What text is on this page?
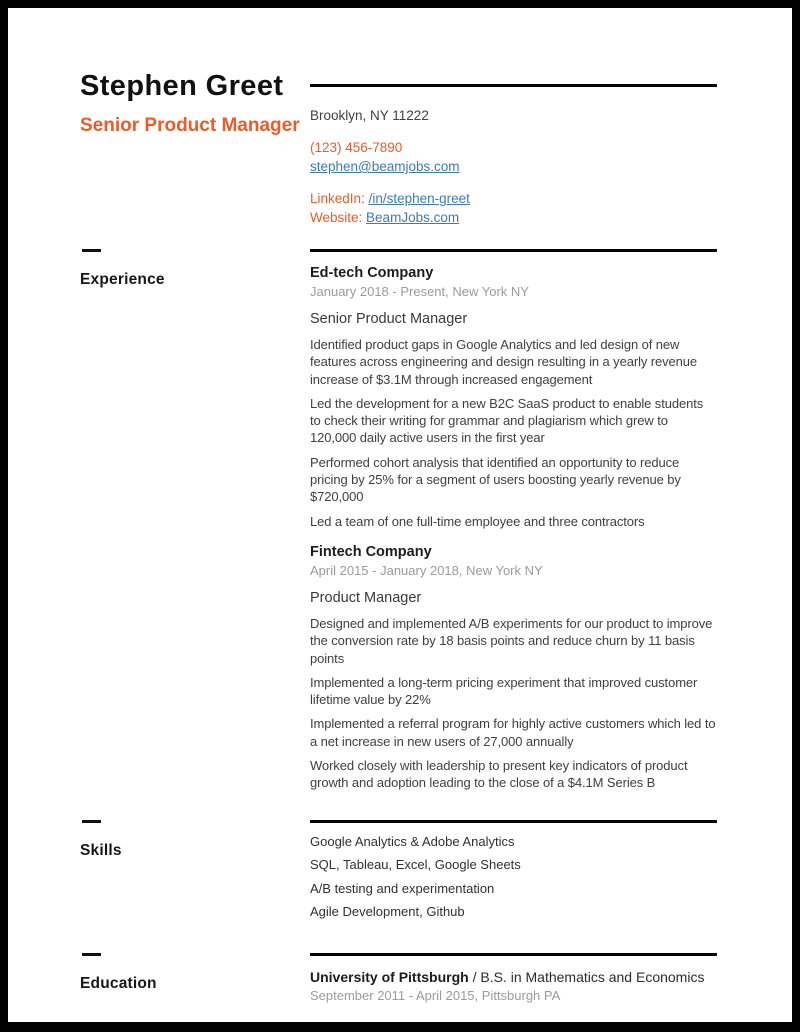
Stephen Greet
Senior Product Manager Brooklyn, NY 11222
(123) 456-7890
stephen@beamjobs.com
LinkedIn: /in/stephen-greet
Website: BeamJobs.com
Experience	Ed-tech Company
January 2018 - Present, New York NY
Senior Product Manager

Identified product gaps in Google Analytics and led design of new features across engineering and design resulting in a yearly revenue increase of $3.1M through increased engagement

Led the development for a new B2C SaaS product to enable students to check their writing for grammar and plagiarism which grew to 120,000 daily active users in the first year

Performed cohort analysis that identified an opportunity to reduce pricing by 25% for a segment of users boosting yearly revenue by $720,000

Led a team of one full-time employee and three contractors

Fintech Company
April 2015 - January 2018, New York NY
Product Manager

Designed and implemented A/B experiments for our product to improve the conversion rate by 18 basis points and reduce churn by 11 basis points

Implemented a long-term pricing experiment that improved customer lifetime value by 22%

Implemented a referral program for highly active customers which led to a net increase in new users of 27,000 annually

Worked closely with leadership to present key indicators of product growth and adoption leading to the close of a $4.1M Series B

Skills

Google Analytics & Adobe Analytics

SQL, Tableau, Excel, Google Sheets

A/B testing and experimentation

Agile Development, Github

Education	University of Pittsburgh / B.S. in Mathematics and Economics
September 2011 - April 2015, Pittsburgh PA
